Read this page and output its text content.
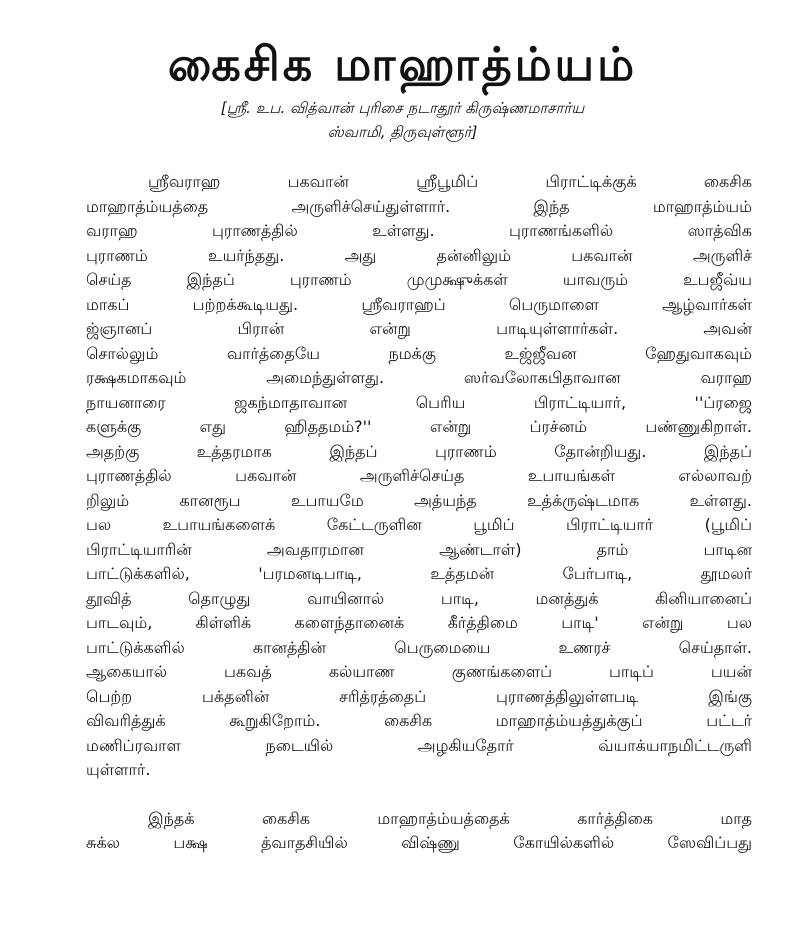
கைசிக மாஹாத்ம்யம்
[ஸ்ரீ. உப. வித்வான் புரிசை நடாதூர் கிருஷ்ணமாசார்ய
ஸ்வாமி, திருவுள்ளூர்]
ஸ்ரீவராஹ பகவான் ஸ்ரீபூமிப் பிராட்டிக்குக் கைசிக
மாஹாத்ம்யத்தை அருளிச்செய்துள்ளார். இந்த மாஹாத்ம்யம்
வராஹ புராணத்தில் உள்ளது. புராணங்களில் ஸாத்விக
புராணம் உயர்ந்தது. அது தன்னிலும் பகவான் அருளிச்
செய்த இந்தப் புராணம் முமுக்ஷுக்கள் யாவரும் உபஜீவ்ய
மாகப் பற்றக்கூடியது. ஸ்ரீவராஹப் பெருமாளை ஆழ்வார்கள்
ஜ்ஞானப் பிரான் என்று பாடியுள்ளார்கள். அவன்
சொல்லும் வார்த்தையே நமக்கு உஜ்ஜீவன ஹேதுவாகவும்
ரக்ஷகமாகவும் அமைந்துள்ளது. ஸர்வலோகபிதாவான வராஹ
நாயனாரை ஜகந்மாதாவான பெரிய பிராட்டியார், ''ப்ரஜை
களுக்கு எது ஹிததமம்?'' என்று ப்ரச்னம் பண்ணுகிறாள்.
அதற்கு உத்தரமாக இந்தப் புராணம் தோன்றியது. இந்தப்
புராணத்தில் பகவான் அருளிச்செய்த உபாயங்கள் எல்லாவற்
றிலும் கானரூப உபாயமே அத்யந்த உத்க்ருஷ்டமாக உள்ளது.
பல உபாயங்களைக் கேட்டருளின பூமிப் பிராட்டியார் (பூமிப்
பிராட்டியாரின் அவதாரமான ஆண்டாள்) தாம் பாடின
பாட்டுக்களில், 'பரமனடிபாடி, உத்தமன் பேர்பாடி, தூமலர்
தூவித் தொழுது வாயினால் பாடி, மனத்துக் கினியானைப்
பாடவும், கிள்ளிக் களைந்தானைக் கீர்த்திமை பாடி' என்று பல
பாட்டுக்களில் கானத்தின் பெருமையை உணரச் செய்தாள்.
ஆகையால் பகவத் கல்யாண குணங்களைப் பாடிப் பயன்
பெற்ற பக்தனின் சரித்ரத்தைப் புராணத்திலுள்ளபடி இங்கு
விவரித்துக் கூறுகிறோம். கைசிக மாஹாத்ம்யத்துக்குப் பட்டர்
மணிப்ரவாள நடையில் அழகியதோர் வ்யாக்யாநமிட்டருளி
யுள்ளார்.
இந்தக் கைசிக மாஹாத்ம்யத்தைக் கார்த்திகை மாத
சுக்ல பக்ஷ த்வாதசியில் விஷ்ணு கோயில்களில் ஸேவிப்பது
